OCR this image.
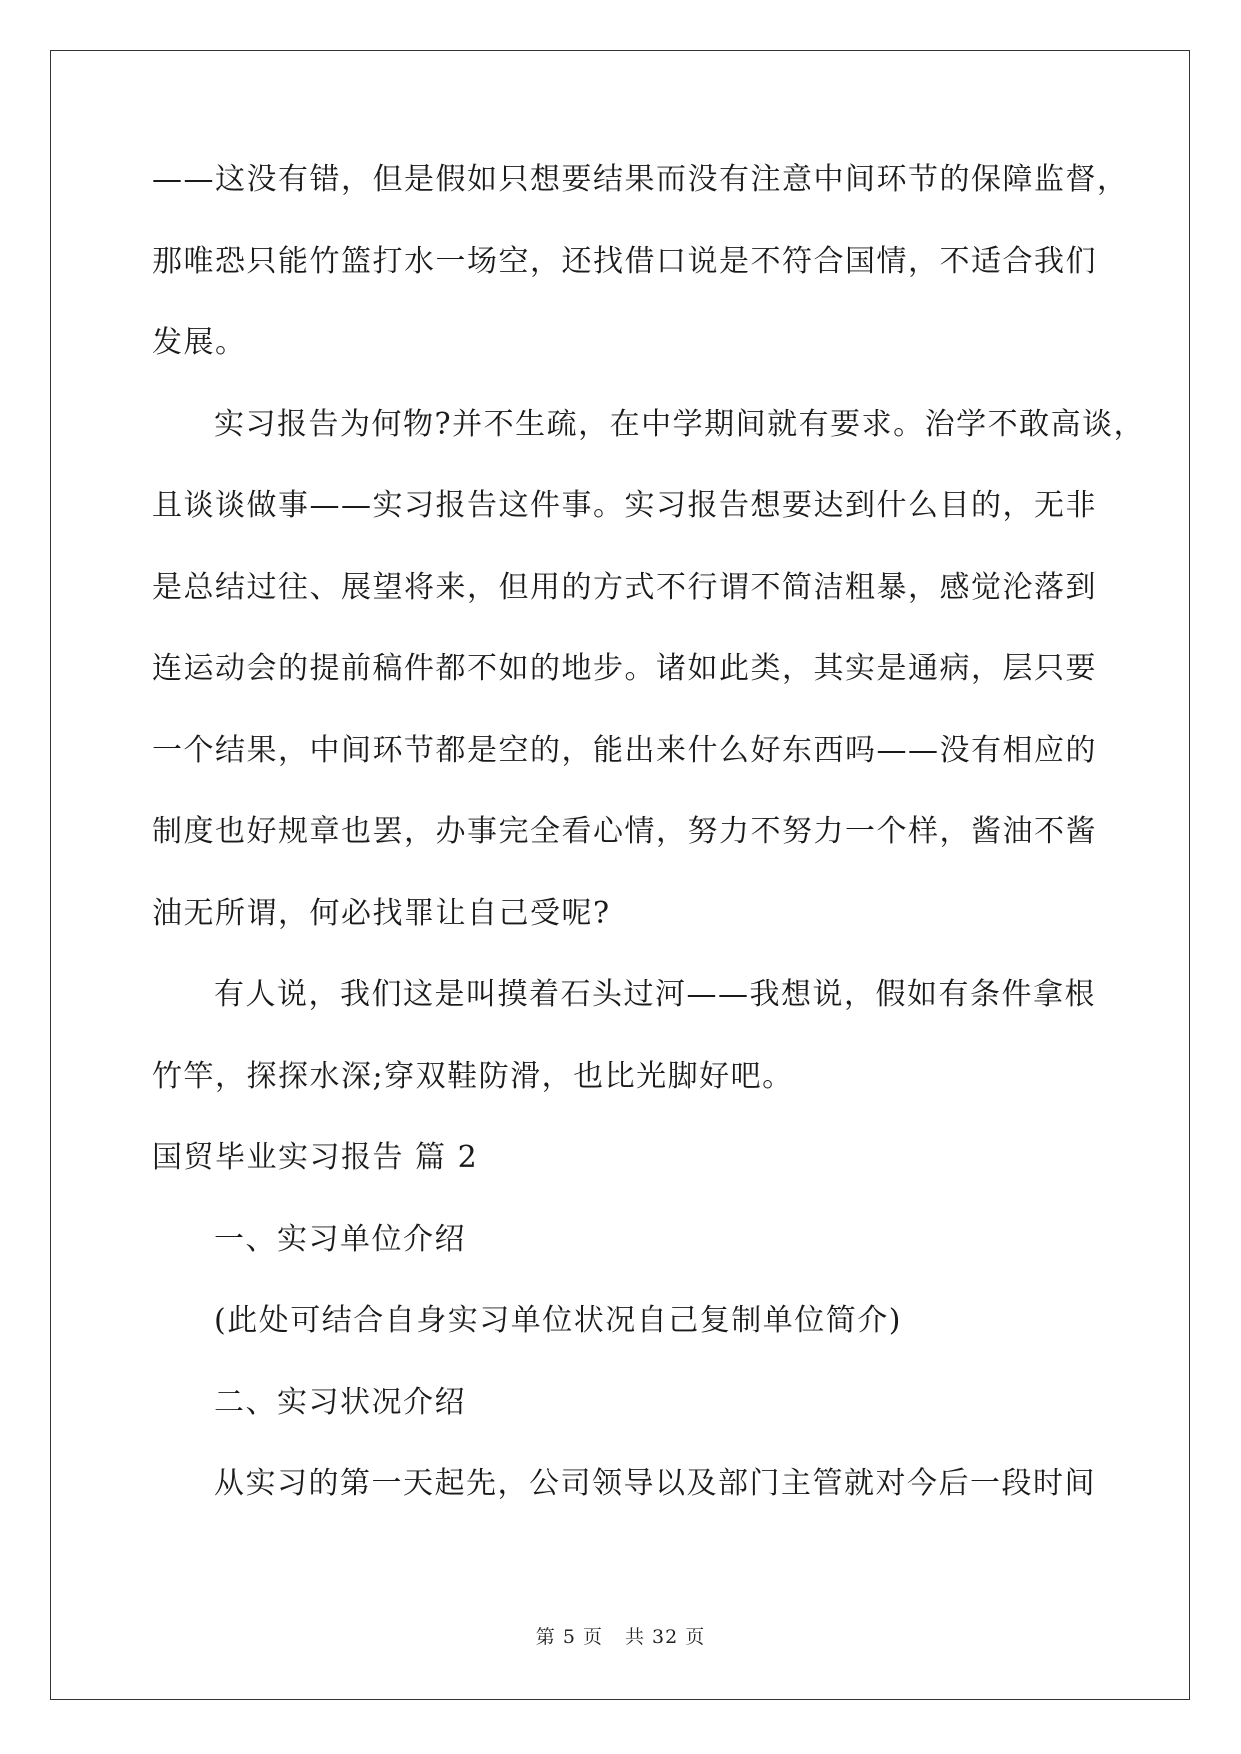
——这没有错，但是假如只想要结果而没有注意中间环节的保障监督，
那唯恐只能竹篮打水一场空，还找借口说是不符合国情，不适合我们
发展。
实习报告为何物?并不生疏，在中学期间就有要求。治学不敢高谈，
且谈谈做事——实习报告这件事。实习报告想要达到什么目的，无非
是总结过往、展望将来，但用的方式不行谓不简洁粗暴，感觉沦落到
连运动会的提前稿件都不如的地步。诸如此类，其实是通病，层只要
一个结果，中间环节都是空的，能出来什么好东西吗——没有相应的
制度也好规章也罢，办事完全看心情，努力不努力一个样，酱油不酱
油无所谓，何必找罪让自己受呢?
有人说，我们这是叫摸着石头过河——我想说，假如有条件拿根
竹竿，探探水深;穿双鞋防滑，也比光脚好吧。
国贸毕业实习报告 篇 2
一、实习单位介绍
(此处可结合自身实习单位状况自己复制单位简介)
二、实习状况介绍
从实习的第一天起先，公司领导以及部门主管就对今后一段时间
第 5 页 共 32 页
